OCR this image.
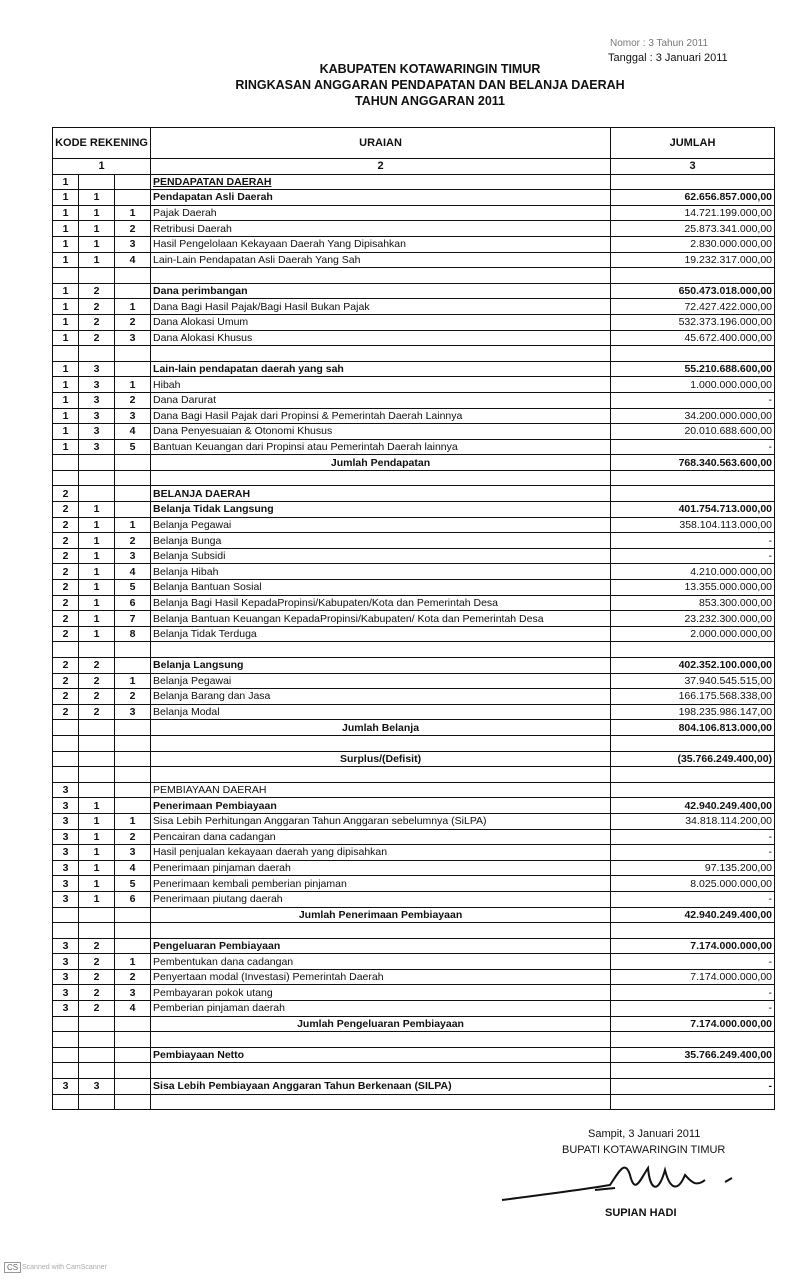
Nomor : 3 Tahun 2011
Tanggal : 3 Januari 2011
KABUPATEN KOTAWARINGIN TIMUR
RINGKASAN ANGGARAN PENDAPATAN DAN BELANJA DAERAH
TAHUN ANGGARAN 2011
KODE REKENING			URAIAN	JUMLAH
1			2	3
1			PENDAPATAN DAERAH	
1	1		Pendapatan Asli Daerah	62.656.857.000,00
1	1	1	Pajak Daerah	14.721.199.000,00
1	1	2	Retribusi Daerah	25.873.341.000,00
1	1	3	Hasil Pengelolaan Kekayaan Daerah Yang Dipisahkan	2.830.000.000,00
1	1	4	Lain-Lain Pendapatan Asli Daerah Yang Sah	19.232.317.000,00

1	2		Dana perimbangan	650.473.018.000,00
1	2	1	Dana Bagi Hasil Pajak/Bagi Hasil Bukan Pajak	72.427.422.000,00
1	2	2	Dana Alokasi Umum	532.373.196.000,00
1	2	3	Dana Alokasi Khusus	45.672.400.000,00

1	3		Lain-lain pendapatan daerah yang sah	55.210.688.600,00
1	3	1	Hibah	1.000.000.000,00
1	3	2	Dana Darurat	-
1	3	3	Dana Bagi Hasil Pajak dari Propinsi & Pemerintah Daerah Lainnya	34.200.000.000,00
1	3	4	Dana Penyesuaian & Otonomi Khusus	20.010.688.600,00
1	3	5	Bantuan Keuangan dari Propinsi atau Pemerintah Daerah lainnya	-
			Jumlah Pendapatan	768.340.563.600,00

2			BELANJA DAERAH	
2	1		Belanja Tidak Langsung	401.754.713.000,00
2	1	1	Belanja Pegawai	358.104.113.000,00
2	1	2	Belanja Bunga	-
2	1	3	Belanja Subsidi	-
2	1	4	Belanja Hibah	4.210.000.000,00
2	1	5	Belanja Bantuan Sosial	13.355.000.000,00
2	1	6	Belanja Bagi Hasil KepadaPropinsi/Kabupaten/Kota dan Pemerintah Desa	853.300.000,00
2	1	7	Belanja Bantuan Keuangan KepadaPropinsi/Kabupaten/ Kota dan Pemerintah Desa	23.232.300.000,00
2	1	8	Belanja Tidak Terduga	2.000.000.000,00

2	2		Belanja Langsung	402.352.100.000,00
2	2	1	Belanja Pegawai	37.940.545.515,00
2	2	2	Belanja Barang dan Jasa	166.175.568.338,00
2	2	3	Belanja Modal	198.235.986.147,00
			Jumlah Belanja	804.106.813.000,00

			Surplus/(Defisit)	(35.766.249.400,00)

3			PEMBIAYAAN DAERAH	
3	1		Penerimaan Pembiayaan	42.940.249.400,00
3	1	1	Sisa Lebih Perhitungan Anggaran Tahun Anggaran sebelumnya (SiLPA)	34.818.114.200,00
3	1	2	Pencairan dana cadangan	-
3	1	3	Hasil penjualan kekayaan daerah yang dipisahkan	-
3	1	4	Penerimaan pinjaman daerah	97.135.200,00
3	1	5	Penerimaan kembali pemberian pinjaman	8.025.000.000,00
3	1	6	Penerimaan piutang daerah	-
			Jumlah Penerimaan Pembiayaan	42.940.249.400,00

3	2		Pengeluaran Pembiayaan	7.174.000.000,00
3	2	1	Pembentukan dana cadangan	-
3	2	2	Penyertaan modal (Investasi) Pemerintah Daerah	7.174.000.000,00
3	2	3	Pembayaran pokok utang	-
3	2	4	Pemberian pinjaman daerah	-
			Jumlah Pengeluaran Pembiayaan	7.174.000.000,00

			Pembiayaan Netto	35.766.249.400,00

3	3		Sisa Lebih Pembiayaan Anggaran Tahun Berkenaan (SILPA)	-

Sampit, 3 Januari 2011
BUPATI KOTAWARINGIN TIMUR
SUPIAN HADI
CS Scanned with CamScanner
